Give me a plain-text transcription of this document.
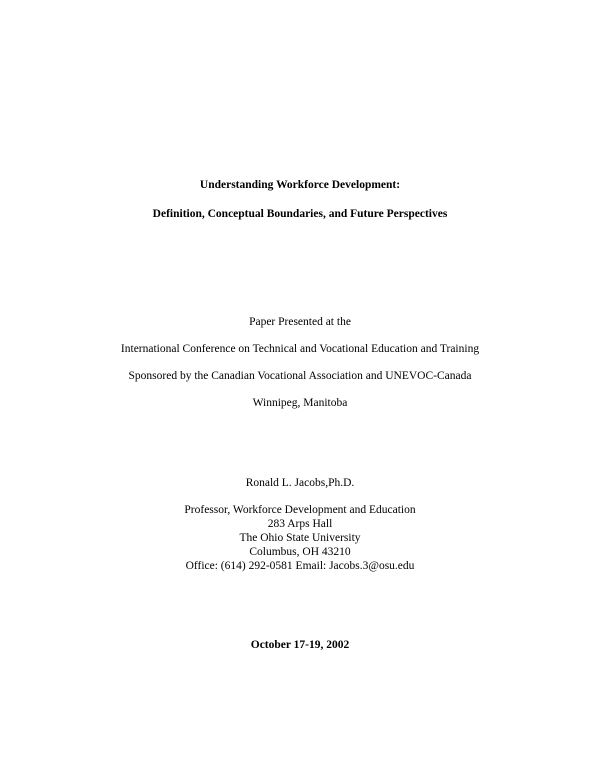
Understanding Workforce Development:
Definition, Conceptual Boundaries, and Future Perspectives
Paper Presented at the
International Conference on Technical and Vocational Education and Training
Sponsored by the Canadian Vocational Association and UNEVOC-Canada
Winnipeg, Manitoba
Ronald L. Jacobs,Ph.D.
Professor, Workforce Development and Education
283 Arps Hall
The Ohio State University
Columbus, OH 43210
Office: (614) 292-0581 Email: Jacobs.3@osu.edu
October 17-19, 2002
